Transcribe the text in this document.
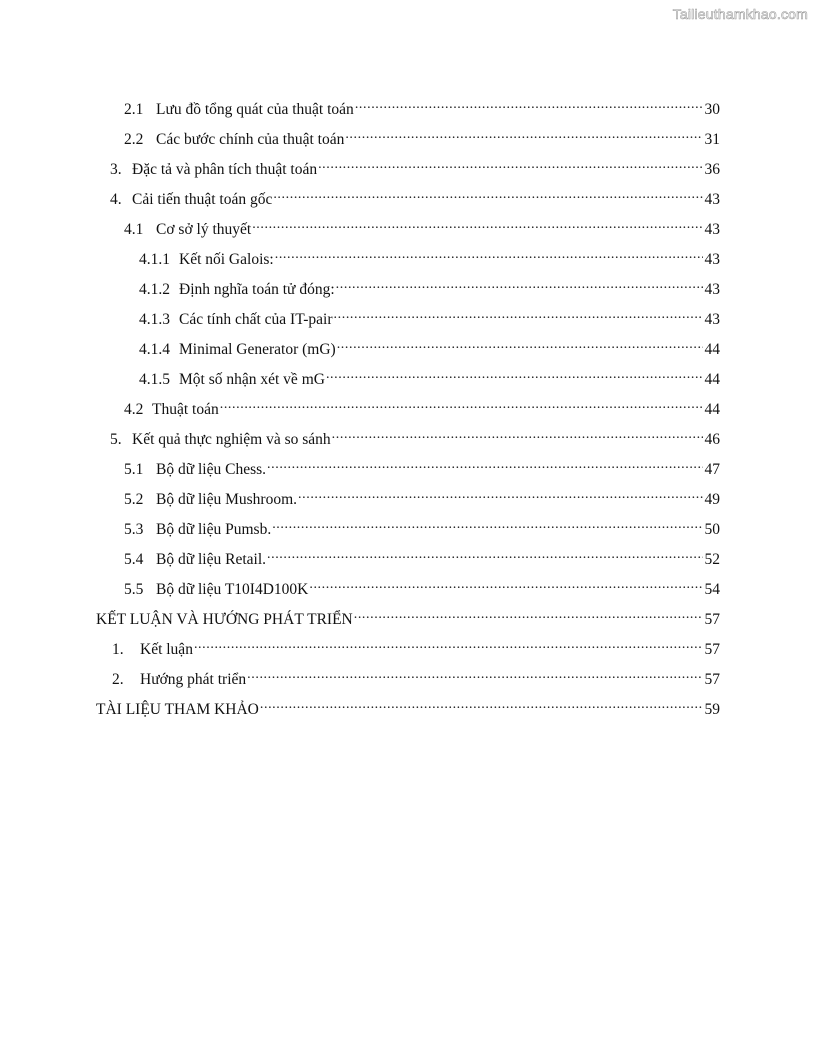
Tailieuthamkhao.com
2.1 Lưu đồ tổng quát của thuật toán .....	30
2.2 Các bước chính của thuật toán .....	31
3. Đặc tả và phân tích thuật toán .....	36
4. Cải tiến thuật toán gốc .....	43
4.1 Cơ sở lý thuyết .....	43
4.1.1 Kết nối Galois: .....	43
4.1.2 Định nghĩa toán tử đóng: .....	43
4.1.3 Các tính chất của IT-pair .....	43
4.1.4 Minimal Generator (mG) .....	44
4.1.5 Một số nhận xét về mG .....	44
4.2 Thuật toán .....	44
5. Kết quả thực nghiệm và so sánh .....	46
5.1 Bộ dữ liệu Chess. .....	47
5.2 Bộ dữ liệu Mushroom. .....	49
5.3 Bộ dữ liệu Pumsb. .....	50
5.4 Bộ dữ liệu Retail. .....	52
5.5 Bộ dữ liệu T10I4D100K .....	54
KẾT LUẬN VÀ HƯỚNG PHÁT TRIỂN .....	57
1. Kết luận .....	57
2. Hướng phát triển .....	57
TÀI LIỆU THAM KHẢO .....	59
